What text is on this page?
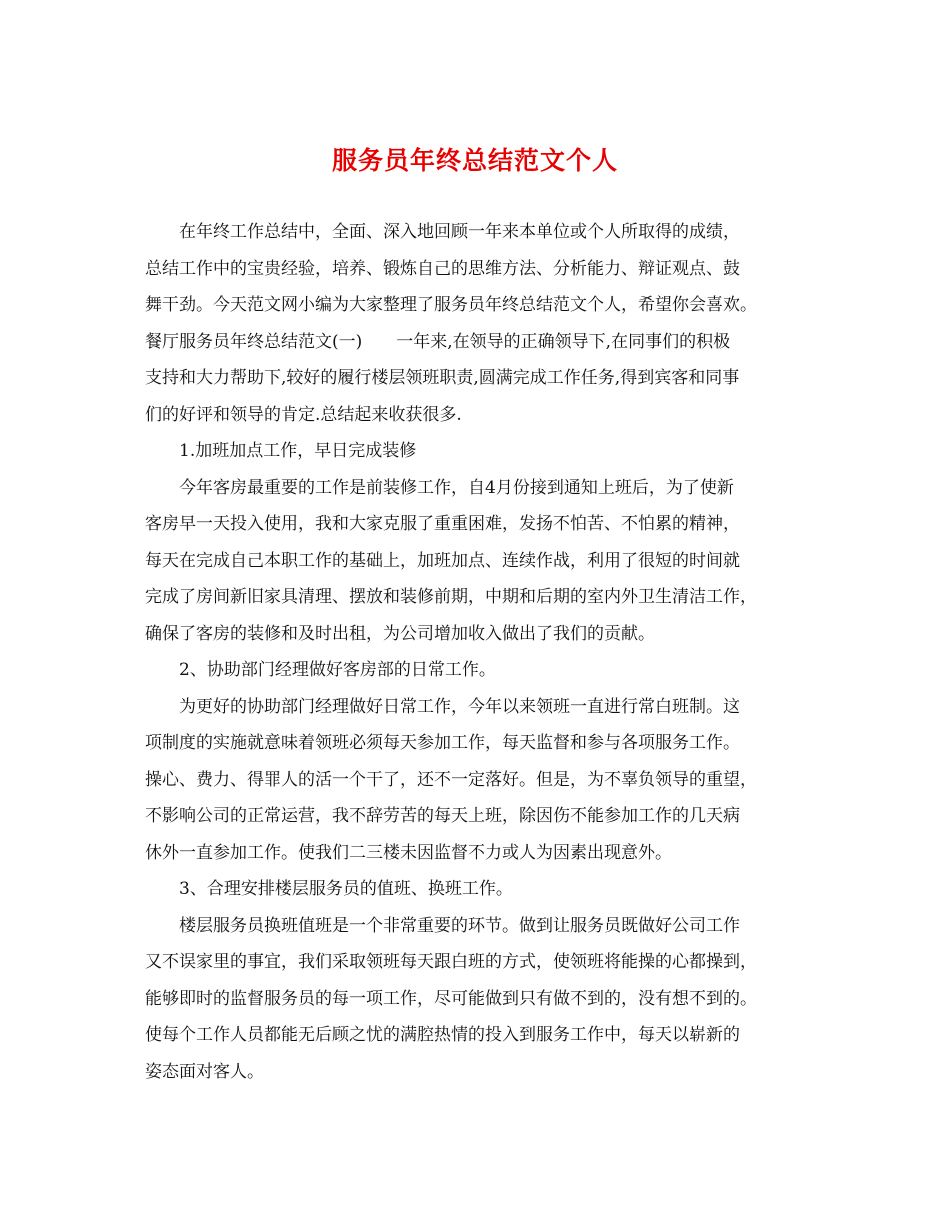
服务员年终总结范文个人
在年终工作总结中，全面、深入地回顾一年来本单位或个人所取得的成绩，
总结工作中的宝贵经验，培养、锻炼自己的思维方法、分析能力、辩证观点、鼓
舞干劲。今天范文网小编为大家整理了服务员年终总结范文个人，希望你会喜欢。
餐厅服务员年终总结范文(一)　　一年来,在领导的正确领导下,在同事们的积极
支持和大力帮助下,较好的履行楼层领班职责,圆满完成工作任务,得到宾客和同事
们的好评和领导的肯定.总结起来收获很多.
1.加班加点工作，早日完成装修
今年客房最重要的工作是前装修工作，自4月份接到通知上班后，为了使新
客房早一天投入使用，我和大家克服了重重困难，发扬不怕苦、不怕累的精神，
每天在完成自己本职工作的基础上，加班加点、连续作战，利用了很短的时间就
完成了房间新旧家具清理、摆放和装修前期，中期和后期的室内外卫生清洁工作，
确保了客房的装修和及时出租，为公司增加收入做出了我们的贡献。
2、协助部门经理做好客房部的日常工作。
为更好的协助部门经理做好日常工作，今年以来领班一直进行常白班制。这
项制度的实施就意味着领班必须每天参加工作，每天监督和参与各项服务工作。
操心、费力、得罪人的活一个干了，还不一定落好。但是，为不辜负领导的重望，
不影响公司的正常运营，我不辞劳苦的每天上班，除因伤不能参加工作的几天病
休外一直参加工作。使我们二三楼未因监督不力或人为因素出现意外。
3、合理安排楼层服务员的值班、换班工作。
楼层服务员换班值班是一个非常重要的环节。做到让服务员既做好公司工作
又不误家里的事宜，我们采取领班每天跟白班的方式，使领班将能操的心都操到，
能够即时的监督服务员的每一项工作，尽可能做到只有做不到的，没有想不到的。
使每个工作人员都能无后顾之忧的满腔热情的投入到服务工作中，每天以崭新的
姿态面对客人。
